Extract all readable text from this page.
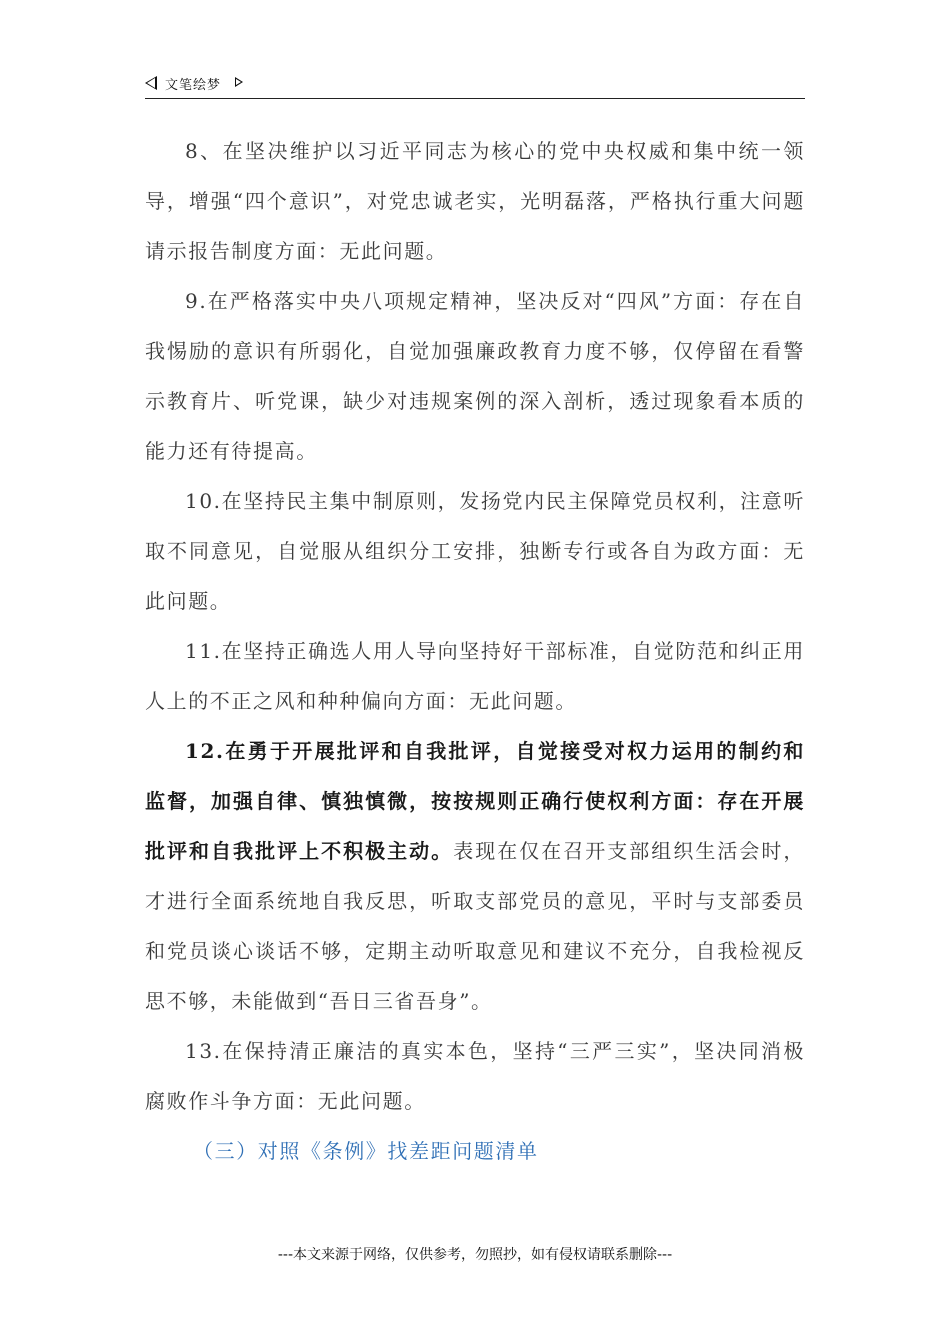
文笔绘梦

8、在坚决维护以习近平同志为核心的党中央权威和集中统一领导，增强“四个意识”，对党忠诚老实，光明磊落，严格执行重大问题请示报告制度方面：无此问题。

9.在严格落实中央八项规定精神，坚决反对“四风”方面：存在自我惕励的意识有所弱化，自觉加强廉政教育力度不够，仅停留在看警示教育片、听党课，缺少对违规案例的深入剖析，透过现象看本质的能力还有待提高。

10.在坚持民主集中制原则，发扬党内民主保障党员权利，注意听取不同意见，自觉服从组织分工安排，独断专行或各自为政方面：无此问题。

11.在坚持正确选人用人导向坚持好干部标准，自觉防范和纠正用人上的不正之风和种种偏向方面：无此问题。

12.在勇于开展批评和自我批评，自觉接受对权力运用的制约和监督，加强自律、慎独慎微，按按规则正确行使权利方面：存在开展批评和自我批评上不积极主动。表现在仅在召开支部组织生活会时，才进行全面系统地自我反思，听取支部党员的意见，平时与支部委员和党员谈心谈话不够，定期主动听取意见和建议不充分，自我检视反思不够，未能做到“吾日三省吾身”。

13.在保持清正廉洁的真实本色，坚持“三严三实”，坚决同消极腐败作斗争方面：无此问题。

（三）对照《条例》找差距问题清单

---本文来源于网络，仅供参考，勿照抄，如有侵权请联系删除---
